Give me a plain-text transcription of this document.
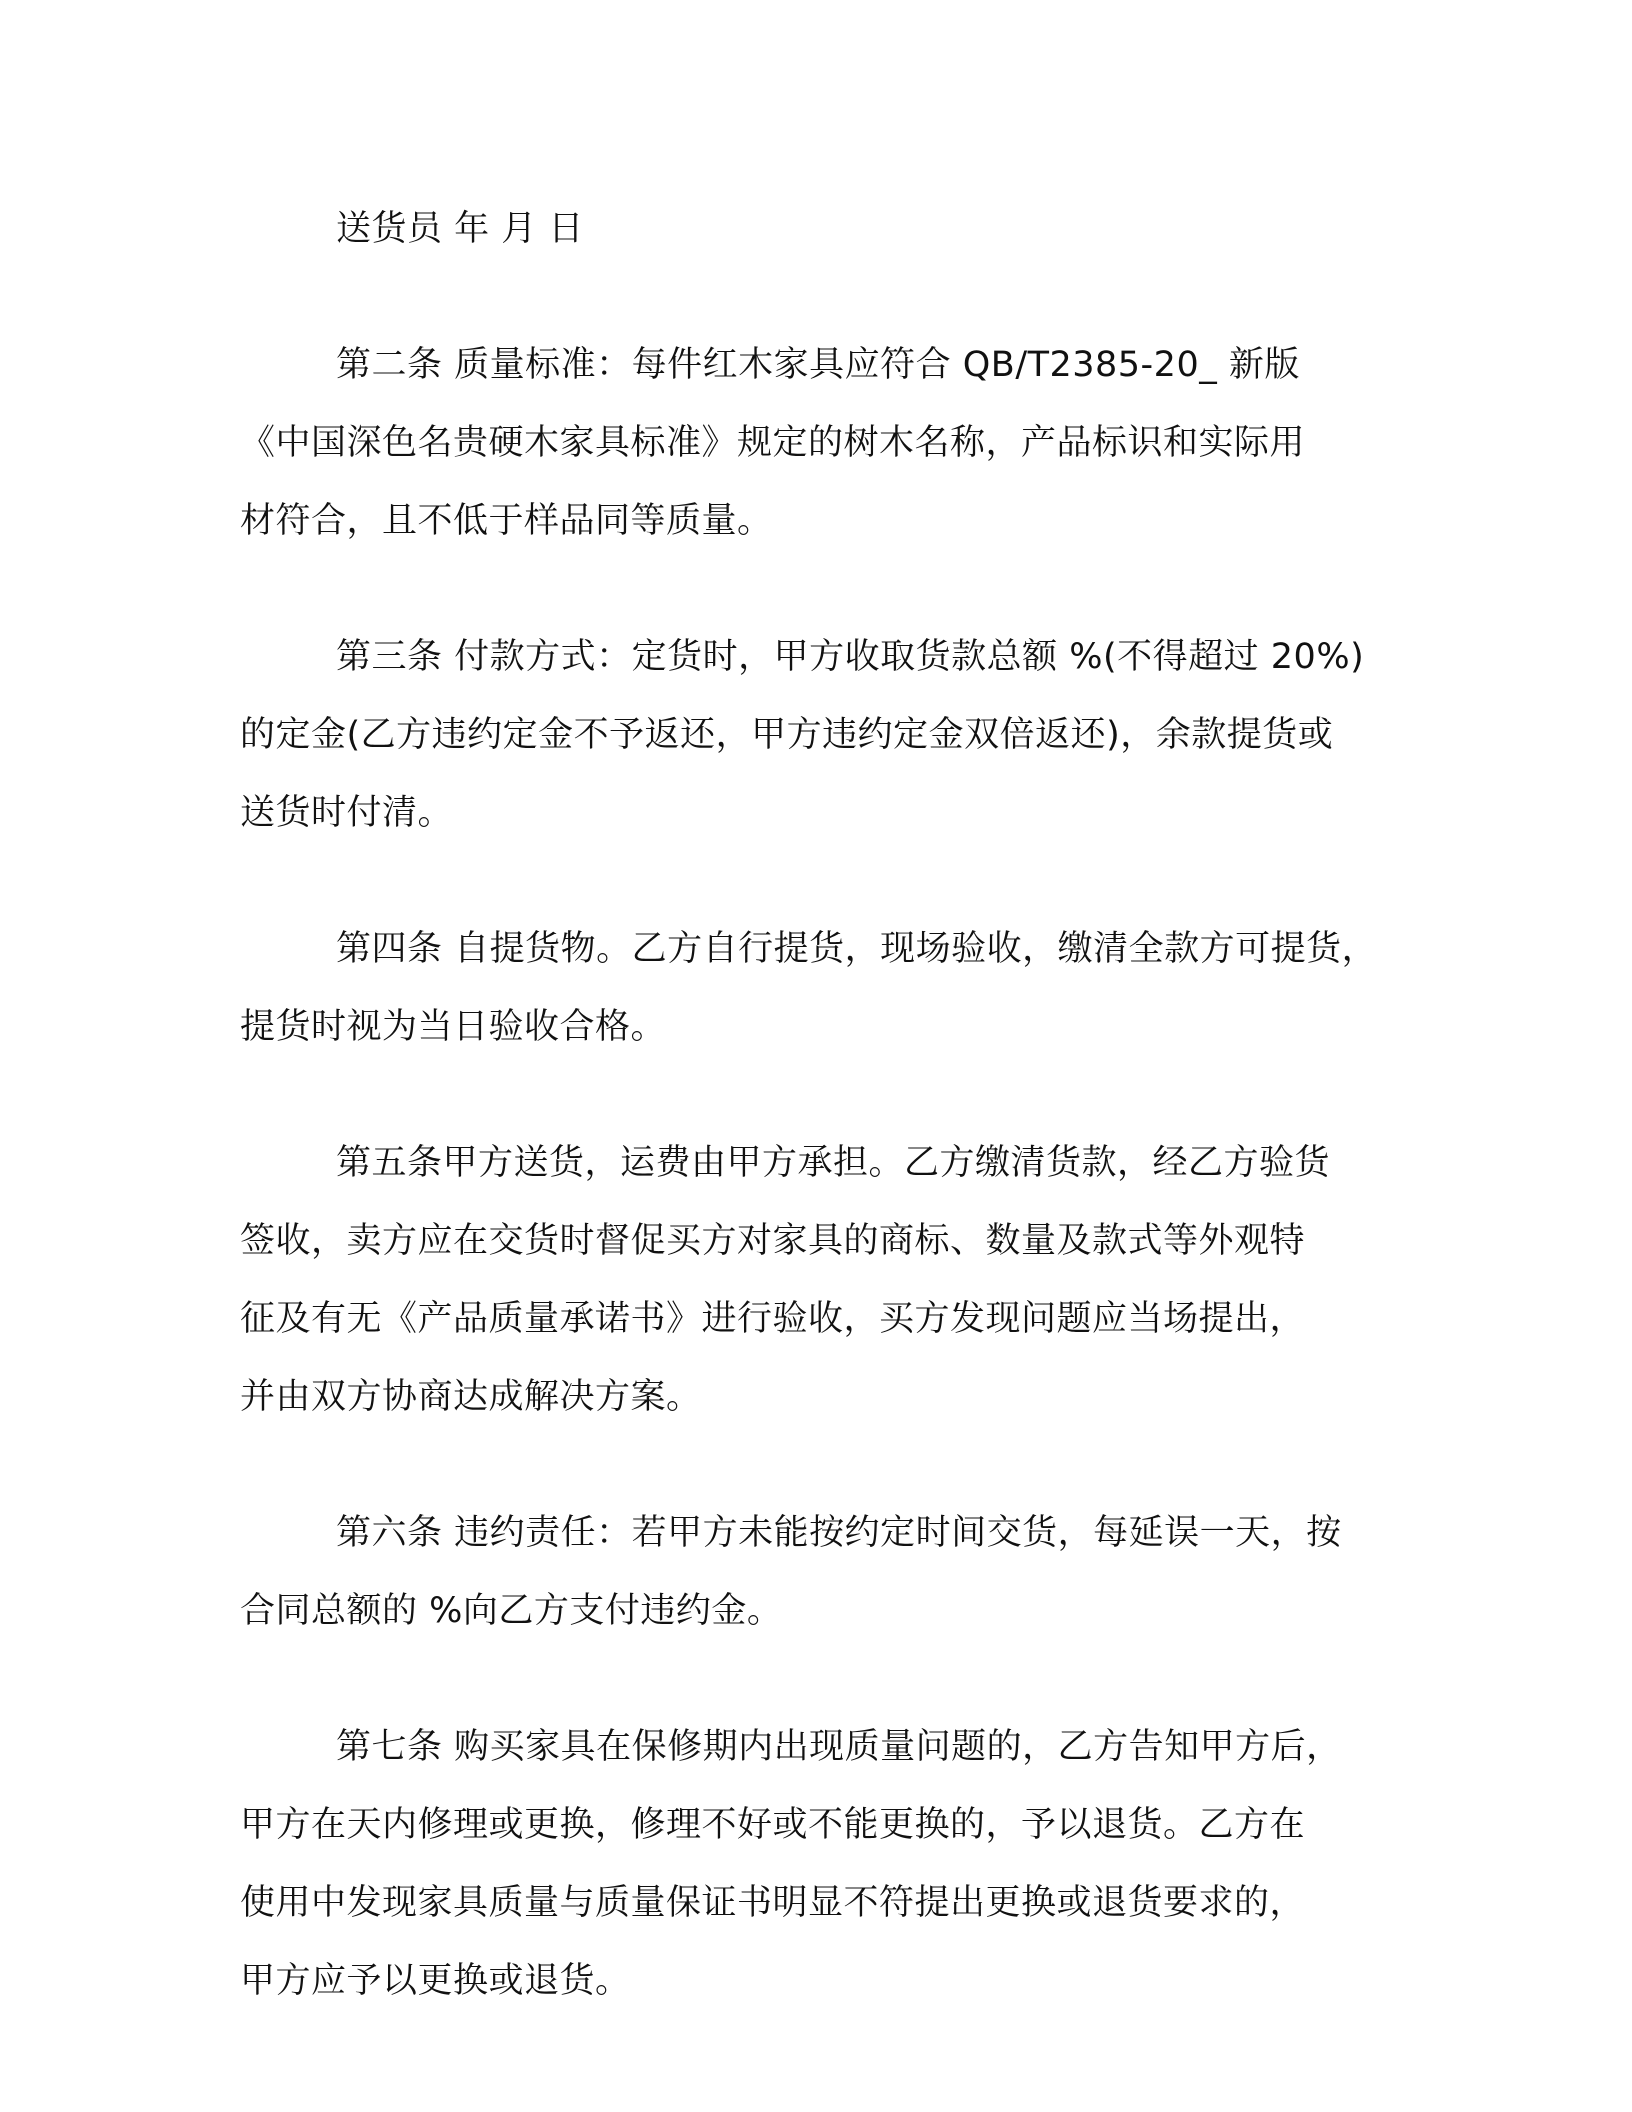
送货员 年 月 日
第二条 质量标准：每件红木家具应符合 QB/T2385-20_ 新版
《中国深色名贵硬木家具标准》规定的树木名称，产品标识和实际用
材符合，且不低于样品同等质量。
第三条 付款方式：定货时，甲方收取货款总额 %(不得超过 20%)
的定金(乙方违约定金不予返还，甲方违约定金双倍返还)，余款提货或
送货时付清。
第四条 自提货物。乙方自行提货，现场验收，缴清全款方可提货，
提货时视为当日验收合格。
第五条甲方送货，运费由甲方承担。乙方缴清货款，经乙方验货
签收，卖方应在交货时督促买方对家具的商标、数量及款式等外观特
征及有无《产品质量承诺书》进行验收，买方发现问题应当场提出，
并由双方协商达成解决方案。
第六条 违约责任：若甲方未能按约定时间交货，每延误一天，按
合同总额的 %向乙方支付违约金。
第七条 购买家具在保修期内出现质量问题的，乙方告知甲方后，
甲方在天内修理或更换，修理不好或不能更换的，予以退货。乙方在
使用中发现家具质量与质量保证书明显不符提出更换或退货要求的，
甲方应予以更换或退货。
